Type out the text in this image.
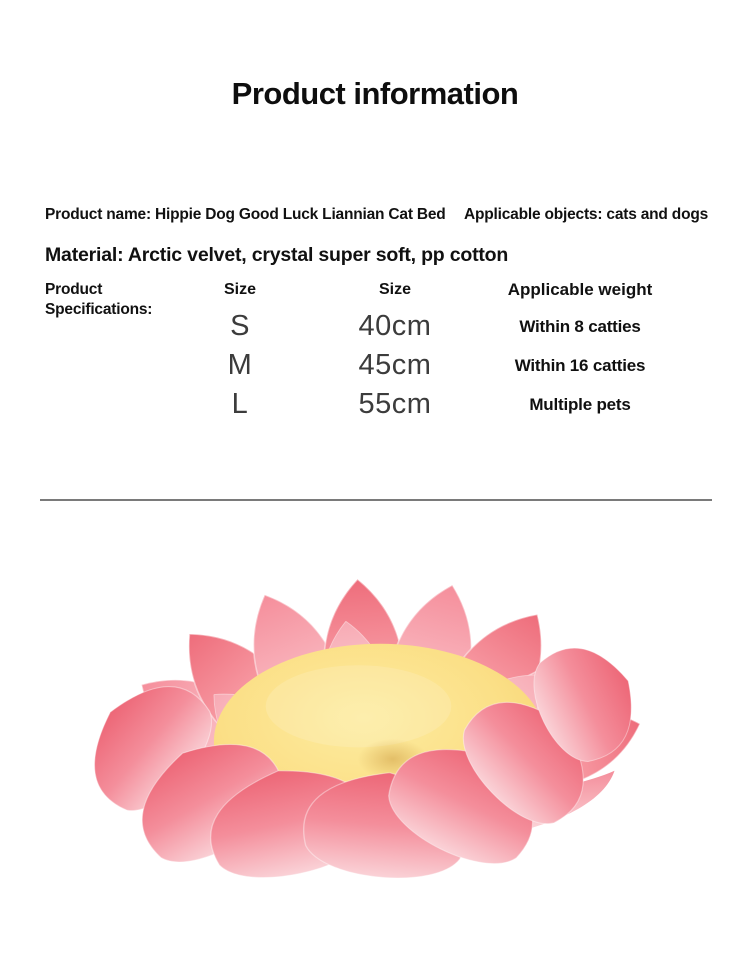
Product information
Product name: Hippie Dog Good Luck Liannian Cat Bed Applicable objects: cats and dogs
Material: Arctic velvet, crystal super soft, pp cotton
Product Specifications:
Size	Size	Applicable weight
S	40cm	Within 8 catties
M	45cm	Within 16 catties
L	55cm	Multiple pets
